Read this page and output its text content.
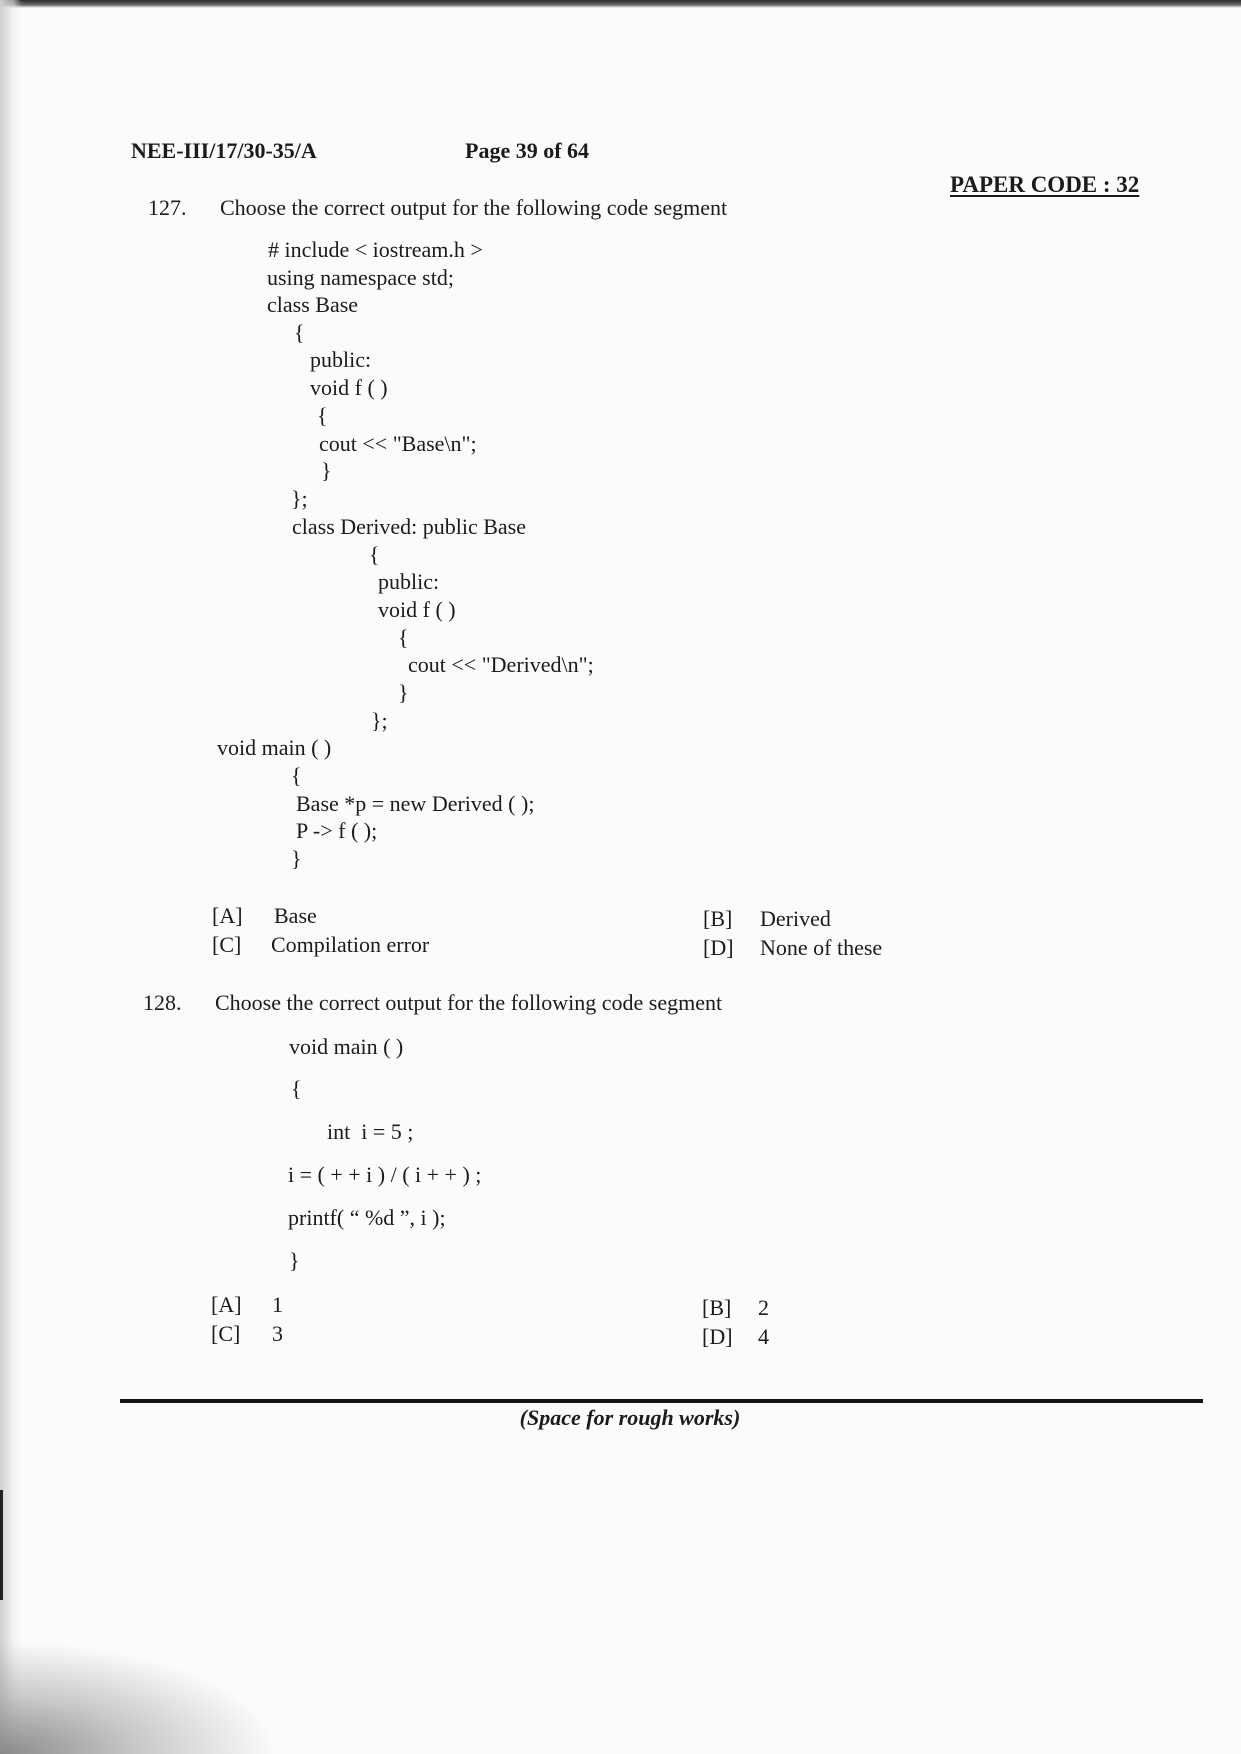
NEE-III/17/30-35/A	Page 39 of 64
PAPER CODE : 32
127. Choose the correct output for the following code segment
# include < iostream.h >
using namespace std;
class Base
{
public:
void f ( )
{
cout << "Base\n";
}
};
class Derived: public Base
{
public:
void f ( )
{
cout << "Derived\n";
}
};
void main ( )
{
Base *p = new Derived ( );
P -> f ( );
}
[A] Base	[B] Derived
[C] Compilation error	[D] None of these
128. Choose the correct output for the following code segment
void main ( )
{
int  i = 5 ;
i = ( + + i ) / ( i + + ) ;
printf( “ %d ”, i );
}
[A] 1	[B] 2
[C] 3	[D] 4
(Space for rough works)
